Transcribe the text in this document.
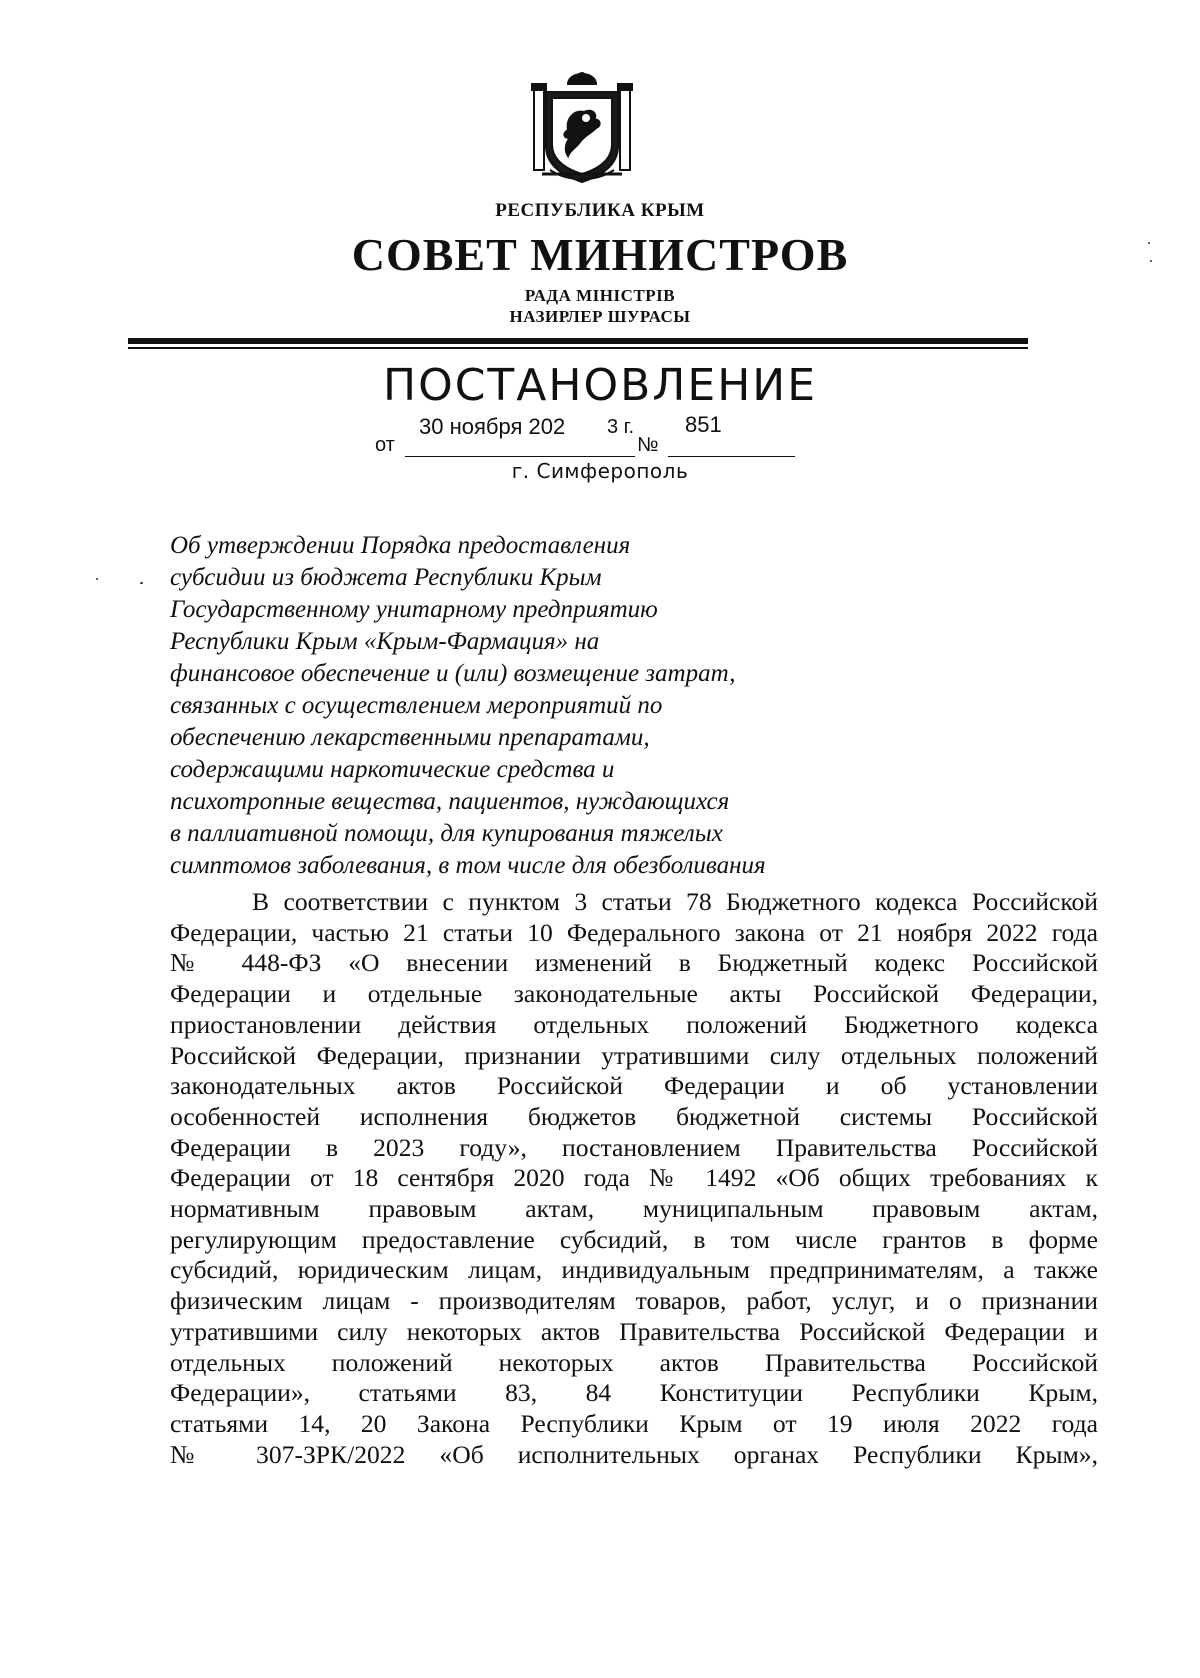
РЕСПУБЛИКА КРЫМ
СОВЕТ МИНИСТРОВ
РАДА МІНІСТРІВ
НАЗИРЛЕР ШУРАСЫ
ПОСТАНОВЛЕНИЕ
от
30 ноября 202 3 г.
№
851
г. Симферополь
Об утверждении Порядка предоставления
субсидии из бюджета Республики Крым
Государственному унитарному предприятию
Республики Крым «Крым-Фармация» на
финансовое обеспечение и (или) возмещение затрат,
связанных с осуществлением мероприятий по
обеспечению лекарственными препаратами,
содержащими наркотические средства и
психотропные вещества, пациентов, нуждающихся
в паллиативной помощи, для купирования тяжелых
симптомов заболевания, в том числе для обезболивания
В соответствии с пунктом 3 статьи 78 Бюджетного кодекса Российской
Федерации, частью 21 статьи 10 Федерального закона от 21 ноября 2022 года
№ 448-ФЗ «О внесении изменений в Бюджетный кодекс Российской
Федерации и отдельные законодательные акты Российской Федерации,
приостановлении действия отдельных положений Бюджетного кодекса
Российской Федерации, признании утратившими силу отдельных положений
законодательных актов Российской Федерации и об установлении
особенностей исполнения бюджетов бюджетной системы Российской
Федерации в 2023 году», постановлением Правительства Российской
Федерации от 18 сентября 2020 года № 1492 «Об общих требованиях к
нормативным правовым актам, муниципальным правовым актам,
регулирующим предоставление субсидий, в том числе грантов в форме
субсидий, юридическим лицам, индивидуальным предпринимателям, а также
физическим лицам - производителям товаров, работ, услуг, и о признании
утратившими силу некоторых актов Правительства Российской Федерации и
отдельных положений некоторых актов Правительства Российской
Федерации», статьями 83, 84 Конституции Республики Крым,
статьями 14, 20 Закона Республики Крым от 19 июля 2022 года
№ 307-ЗРК/2022 «Об исполнительных органах Республики Крым»,
